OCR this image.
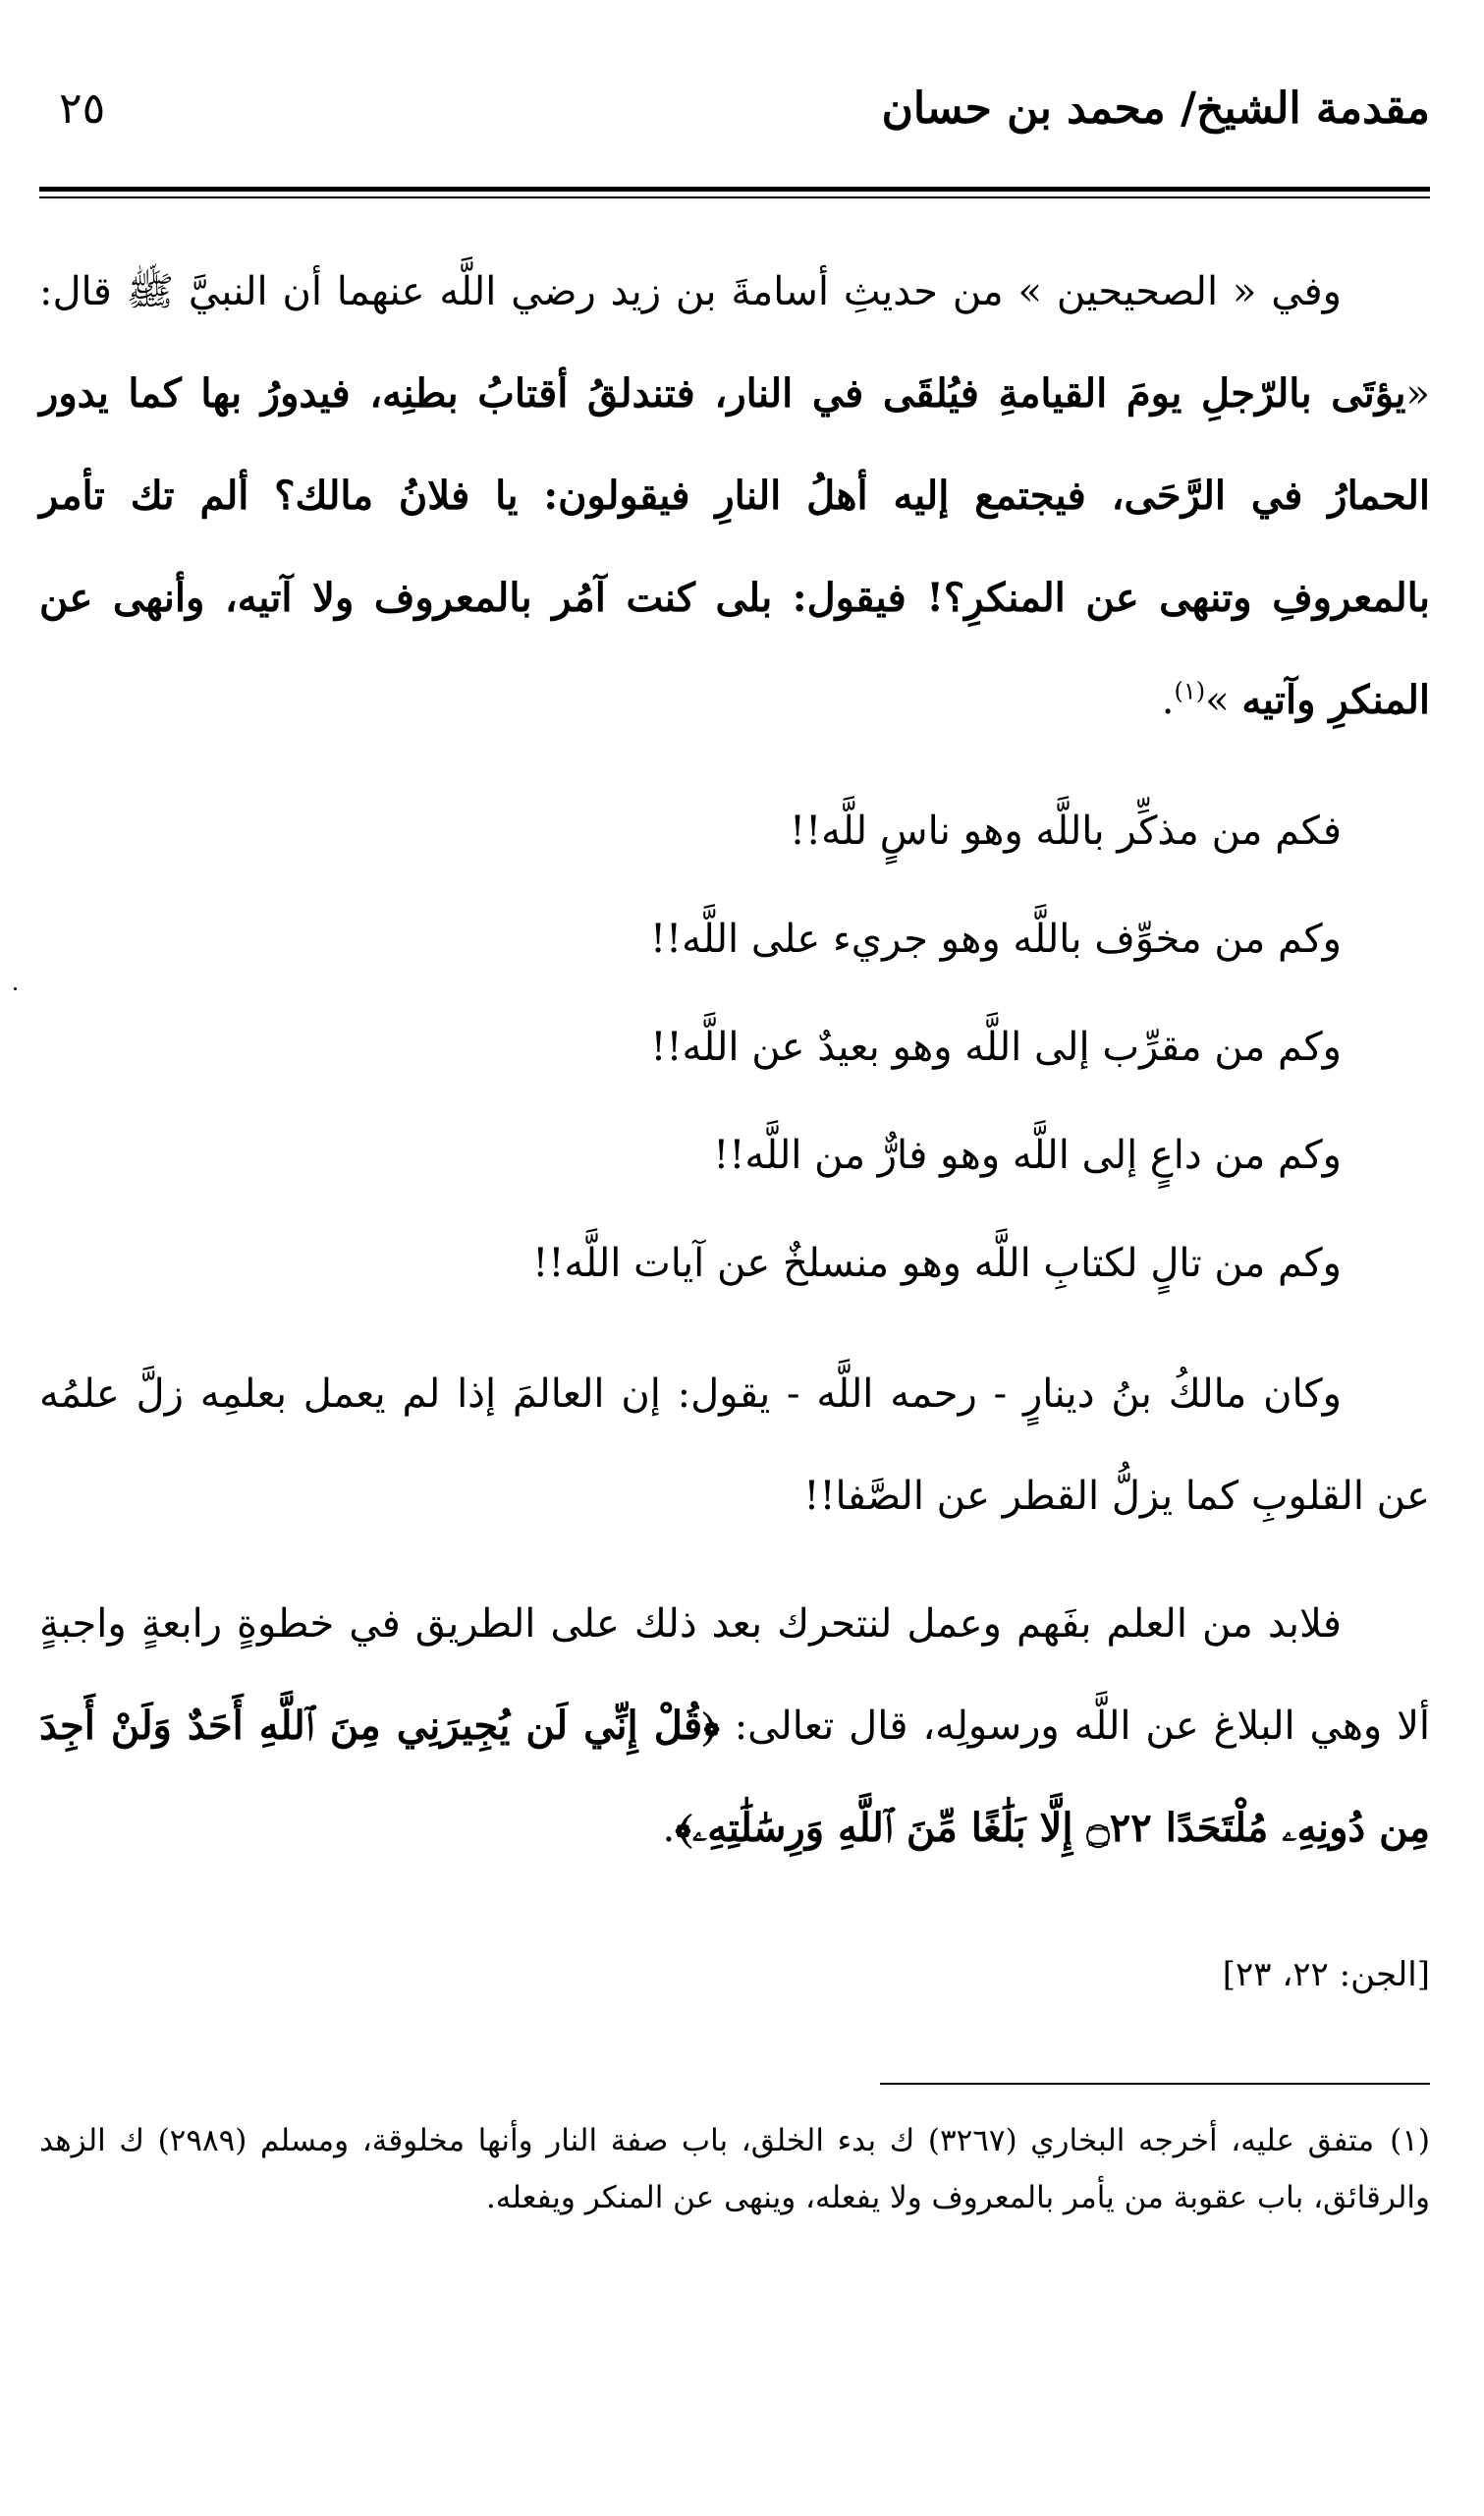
مقدمة الشيخ/ محمد بن حسان
٢٥

وفي « الصحيحين » من حديثِ أسامةَ بن زيد رضي اللَّه عنهما أن النبيَّ ﷺ قال: «يؤتَى بالرّجلِ يومَ القيامةِ فيُلقَى في النار، فتندلقُ أقتابُ بطنِه، فيدورُ بها كما يدور الحمارُ في الرَّحَى، فيجتمع إليه أهلُ النارِ فيقولون: يا فلانُ مالك؟ ألم تك تأمر بالمعروفِ وتنهى عن المنكرِ؟! فيقول: بلى كنت آمُر بالمعروف ولا آتيه، وأنهى عن المنكرِ وآتيه »$^{(١)}$.

فكم من مذكِّر باللَّه وهو ناسٍ للَّه!!

وكم من مخوِّف باللَّه وهو جريء على اللَّه!!

وكم من مقرِّب إلى اللَّه وهو بعيدٌ عن اللَّه!!

وكم من داعٍ إلى اللَّه وهو فارٌّ من اللَّه!!

وكم من تالٍ لكتابِ اللَّه وهو منسلخٌ عن آيات اللَّه!!

وكان مالكُ بنُ دينارٍ - رحمه اللَّه - يقول: إن العالمَ إذا لم يعمل بعلمِه زلَّ علمُه عن القلوبِ كما يزلُّ القطر عن الصَّفا!!

فلابد من العلم بفَهم وعمل لنتحرك بعد ذلك على الطريق في خطوةٍ رابعةٍ واجبةٍ ألا وهي البلاغ عن اللَّه ورسولِه، قال تعالى: ﴿قُلْ إِنِّي لَن يُجِيرَنِي مِنَ ٱللَّهِ أَحَدٌ وَلَنْ أَجِدَ مِن دُونِهِۦ مُلْتَحَدًا ۝٢٢ إِلَّا بَلَٰغًا مِّنَ ٱللَّهِ وَرِسَٰلَٰتِهِۦ﴾.

[الجن: ٢٢، ٢٣]
(١)متفق عليه، أخرجه البخاري (٣٢٦٧) ك بدء الخلق، باب صفة النار وأنها مخلوقة، ومسلم (٢٩٨٩) ك الزهد والرقائق، باب عقوبة من يأمر بالمعروف ولا يفعله، وينهى عن المنكر ويفعله.
